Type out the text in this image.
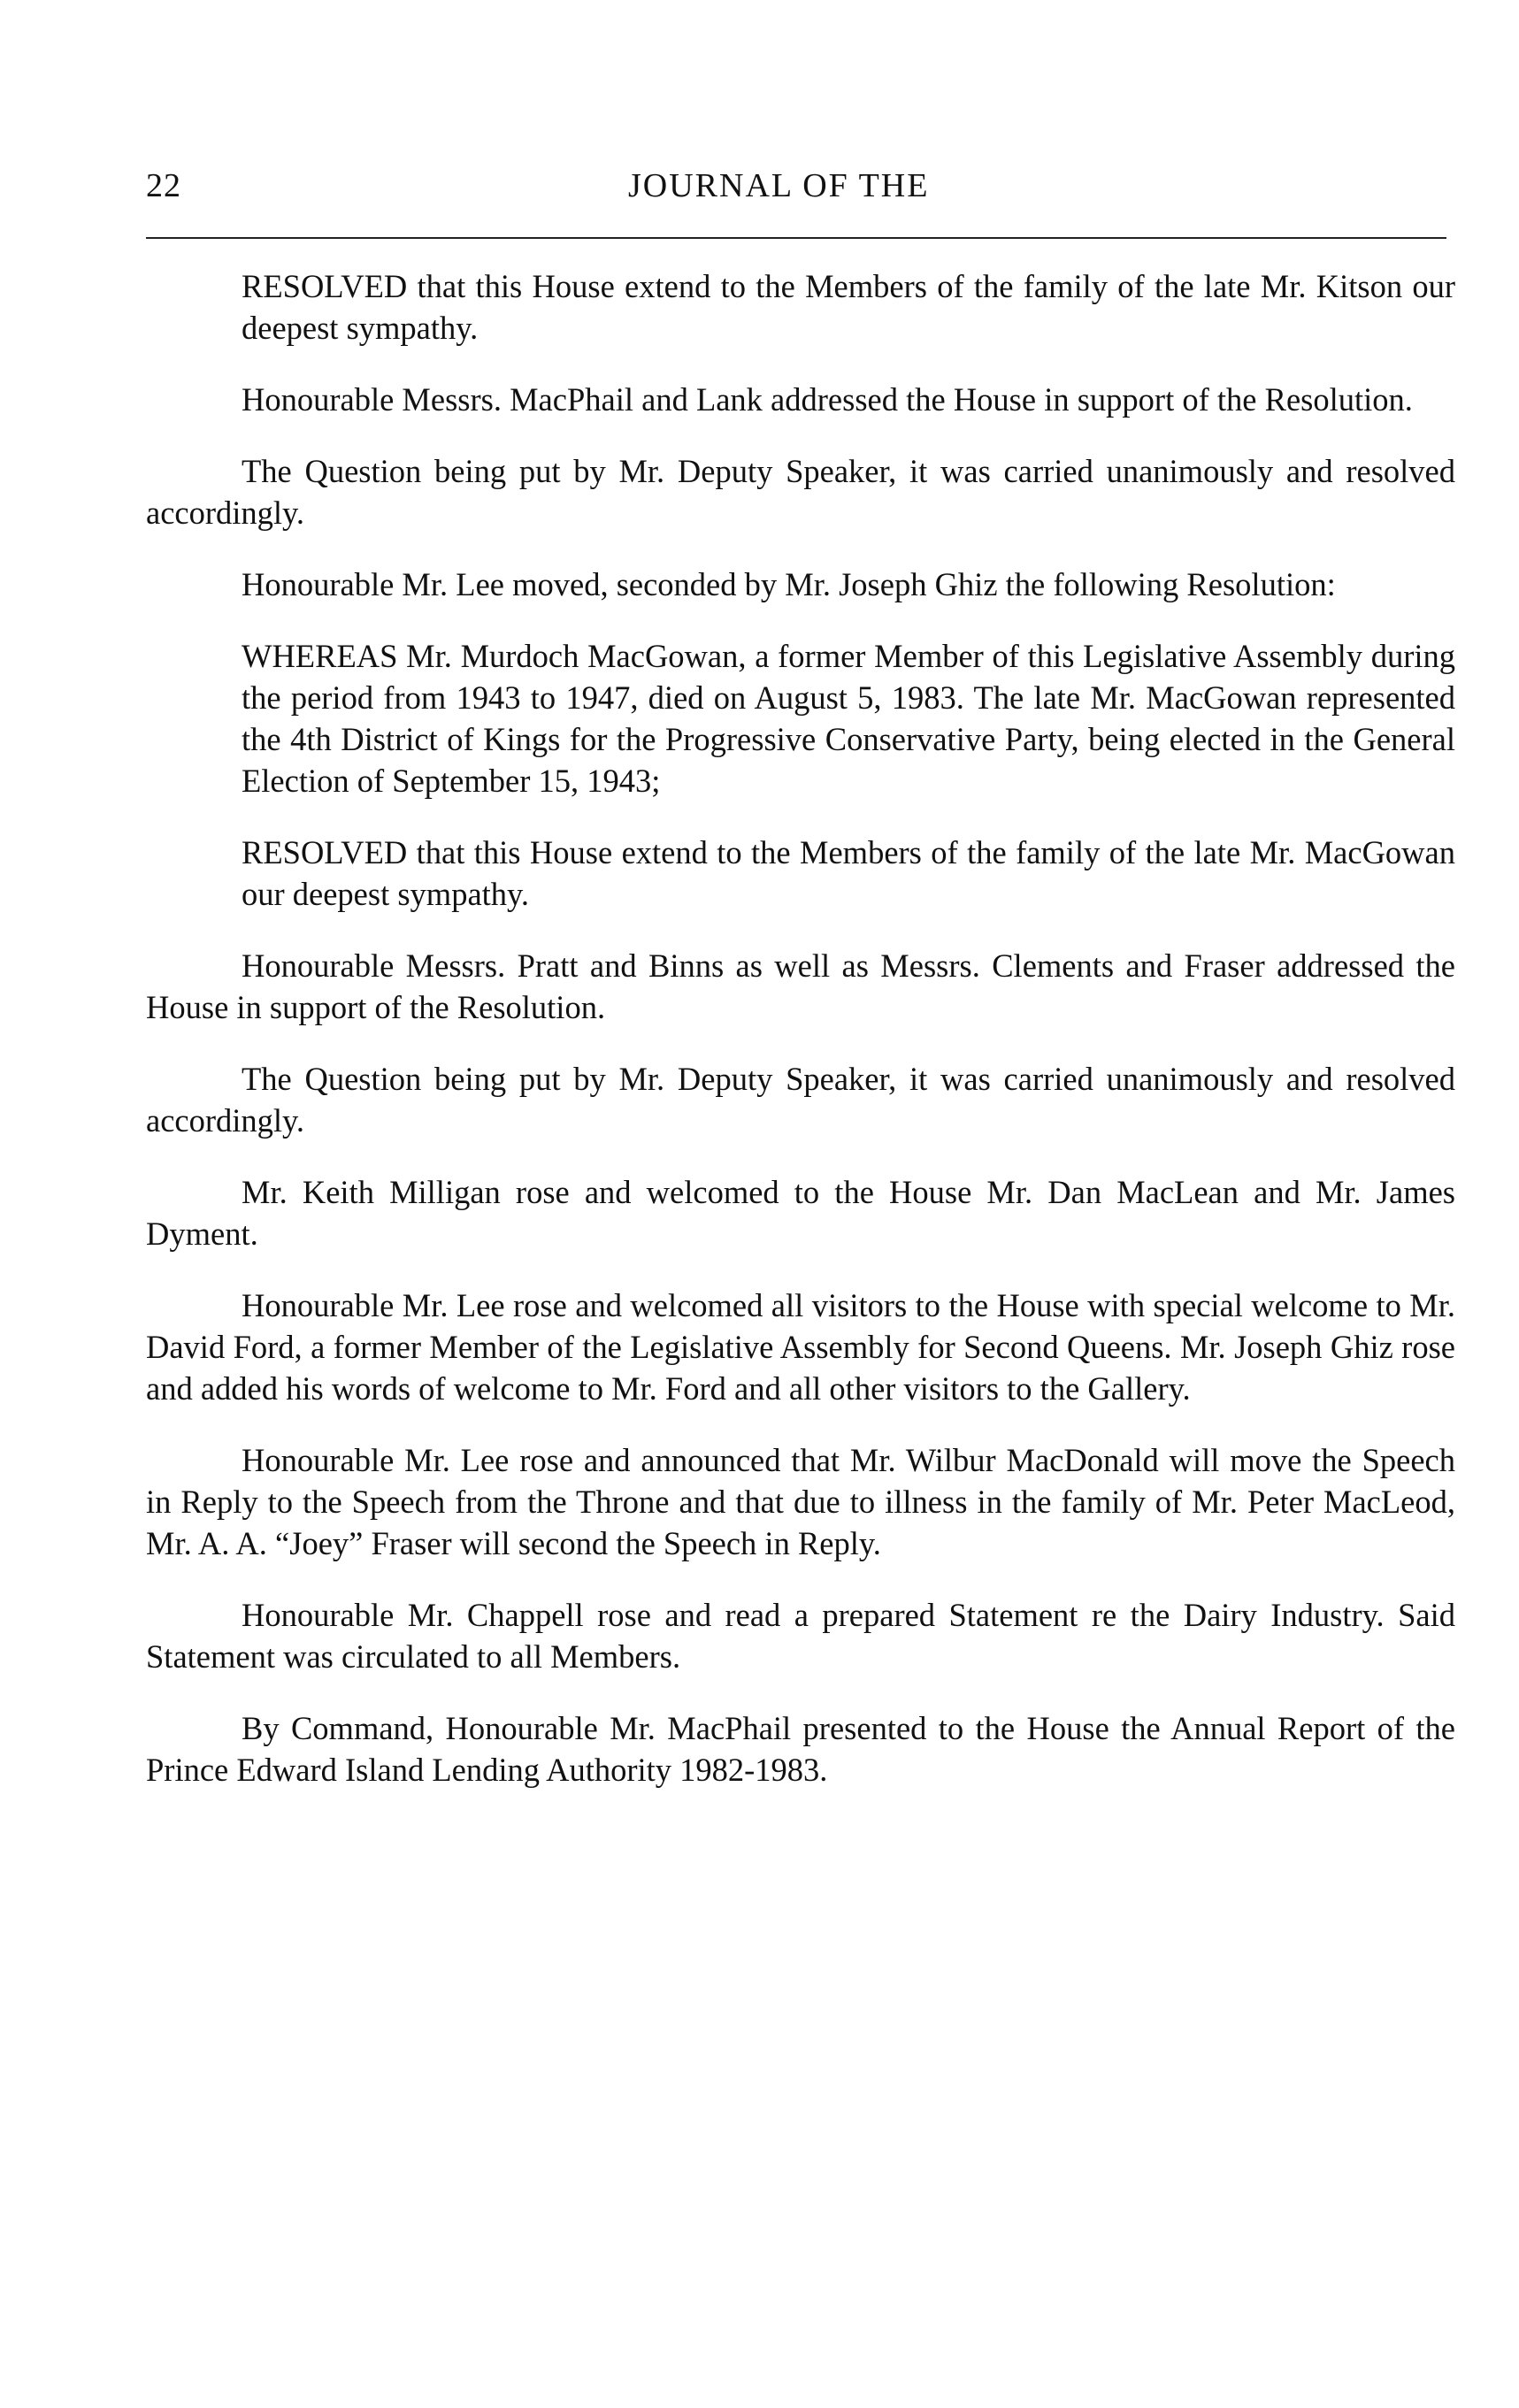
22	JOURNAL OF THE

RESOLVED that this House extend to the Members of the family of the late Mr. Kitson our deepest sympathy.

Honourable Messrs. MacPhail and Lank addressed the House in support of the Resolution.

The Question being put by Mr. Deputy Speaker, it was carried unanimously and resolved accordingly.

Honourable Mr. Lee moved, seconded by Mr. Joseph Ghiz the following Resolution:

WHEREAS Mr. Murdoch MacGowan, a former Member of this Legislative Assembly during the period from 1943 to 1947, died on August 5, 1983. The late Mr. MacGowan represented the 4th District of Kings for the Progressive Conservative Party, being elected in the General Election of September 15, 1943;

RESOLVED that this House extend to the Members of the family of the late Mr. MacGowan our deepest sympathy.

Honourable Messrs. Pratt and Binns as well as Messrs. Clements and Fraser addressed the House in support of the Resolution.

The Question being put by Mr. Deputy Speaker, it was carried unanimously and resolved accordingly.

Mr. Keith Milligan rose and welcomed to the House Mr. Dan MacLean and Mr. James Dyment.

Honourable Mr. Lee rose and welcomed all visitors to the House with special welcome to Mr. David Ford, a former Member of the Legislative Assembly for Second Queens. Mr. Joseph Ghiz rose and added his words of welcome to Mr. Ford and all other visitors to the Gallery.

Honourable Mr. Lee rose and announced that Mr. Wilbur MacDonald will move the Speech in Reply to the Speech from the Throne and that due to illness in the family of Mr. Peter MacLeod, Mr. A. A. “Joey” Fraser will second the Speech in Reply.

Honourable Mr. Chappell rose and read a prepared Statement re the Dairy Industry. Said Statement was circulated to all Members.

By Command, Honourable Mr. MacPhail presented to the House the Annual Report of the Prince Edward Island Lending Authority 1982-1983.
